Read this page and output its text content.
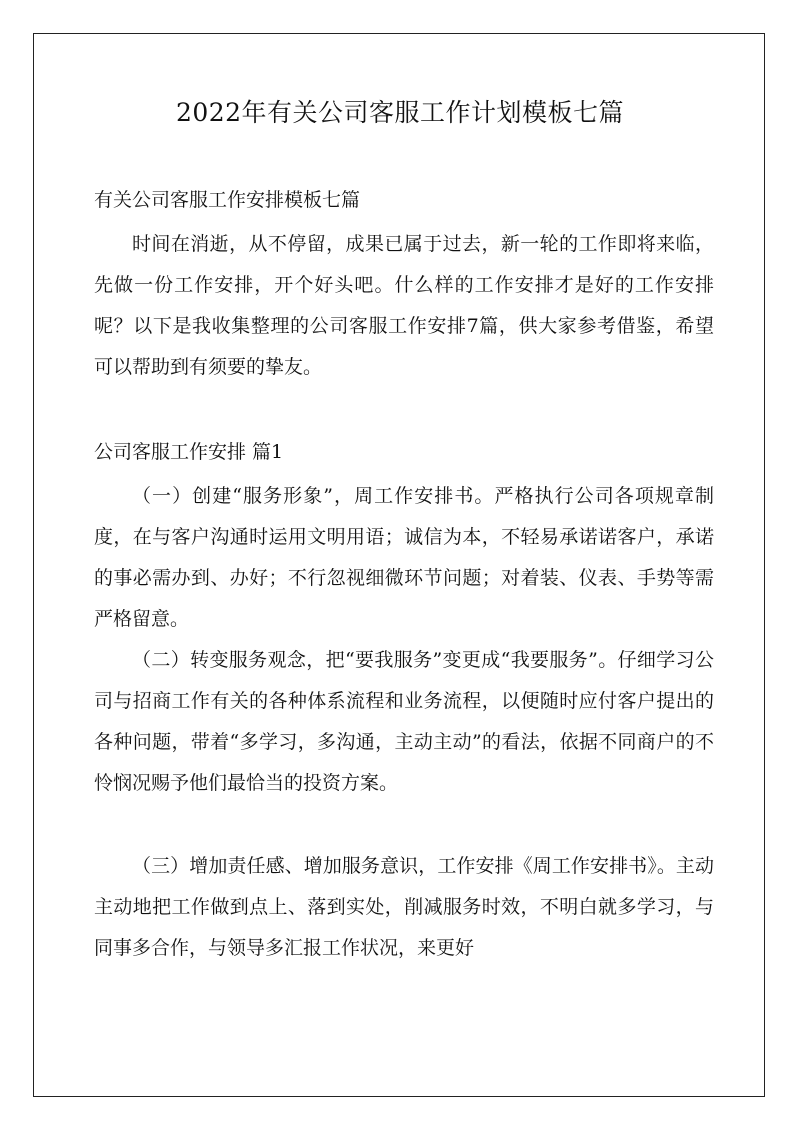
2022年有关公司客服工作计划模板七篇
有关公司客服工作安排模板七篇

时间在消逝，从不停留，成果已属于过去，新一轮的工作即将来临，先做一份工作安排，开个好头吧。什么样的工作安排才是好的工作安排呢？以下是我收集整理的公司客服工作安排7篇，供大家参考借鉴，希望可以帮助到有须要的挚友。

公司客服工作安排 篇1

（一）创建“服务形象”，周工作安排书。严格执行公司各项规章制度，在与客户沟通时运用文明用语；诚信为本，不轻易承诺诺客户，承诺的事必需办到、办好；不行忽视细微环节问题；对着装、仪表、手势等需严格留意。

（二）转变服务观念，把“要我服务”变更成“我要服务”。仔细学习公司与招商工作有关的各种体系流程和业务流程，以便随时应付客户提出的各种问题，带着“多学习，多沟通，主动主动”的看法，依据不同商户的不怜悯况赐予他们最恰当的投资方案。

（三）增加责任感、增加服务意识，工作安排《周工作安排书》。主动主动地把工作做到点上、落到实处，削减服务时效，不明白就多学习，与同事多合作，与领导多汇报工作状况，来更好
